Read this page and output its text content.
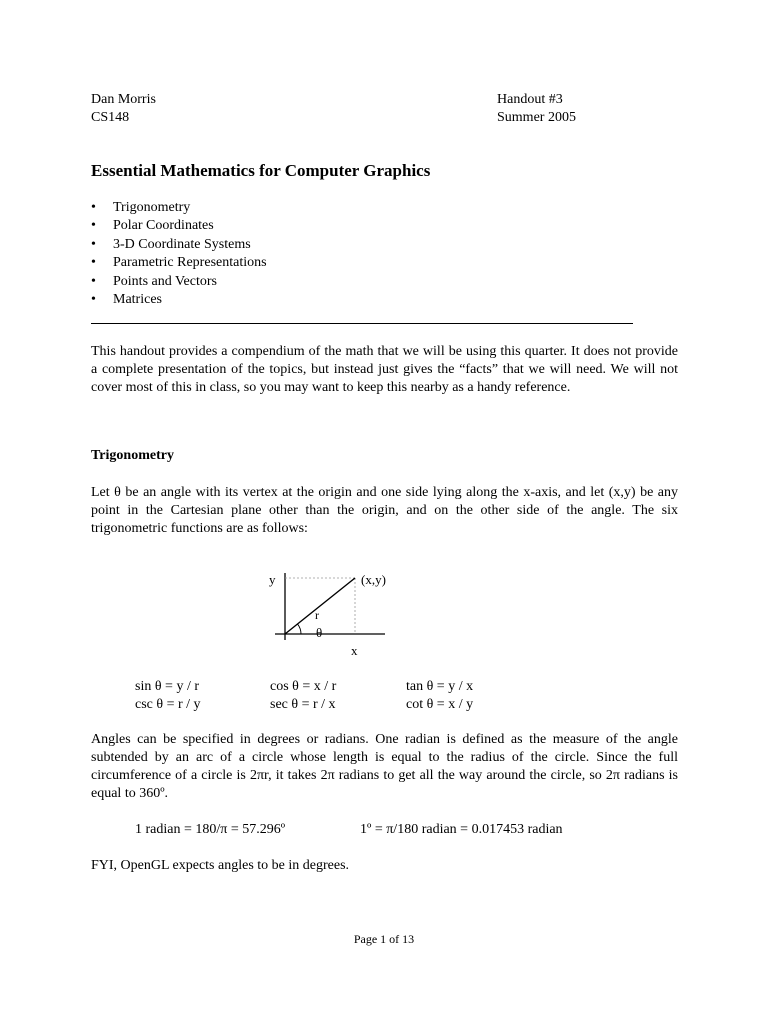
Dan Morris
CS148
Handout #3
Summer 2005
Essential Mathematics for Computer Graphics
• Trigonometry
• Polar Coordinates
• 3-D Coordinate Systems
• Parametric Representations
• Points and Vectors
• Matrices
This handout provides a compendium of the math that we will be using this quarter. It does not provide a complete presentation of the topics, but instead just gives the “facts” that we will need. We will not cover most of this in class, so you may want to keep this nearby as a handy reference.
Trigonometry
Let θ be an angle with its vertex at the origin and one side lying along the x-axis, and let (x,y) be any point in the Cartesian plane other than the origin, and on the other side of the angle. The six trigonometric functions are as follows:
y	(x,y)
r
θ
x
sin θ = y / r	cos θ = x / r	tan θ = y / x
csc θ = r / y	sec θ = r / x	cot θ = x / y
Angles can be specified in degrees or radians. One radian is defined as the measure of the angle subtended by an arc of a circle whose length is equal to the radius of the circle. Since the full circumference of a circle is 2πr, it takes 2π radians to get all the way around the circle, so 2π radians is equal to 360º.
1 radian = 180/π = 57.296º	1º = π/180 radian = 0.017453 radian
FYI, OpenGL expects angles to be in degrees.
Page 1 of 13
